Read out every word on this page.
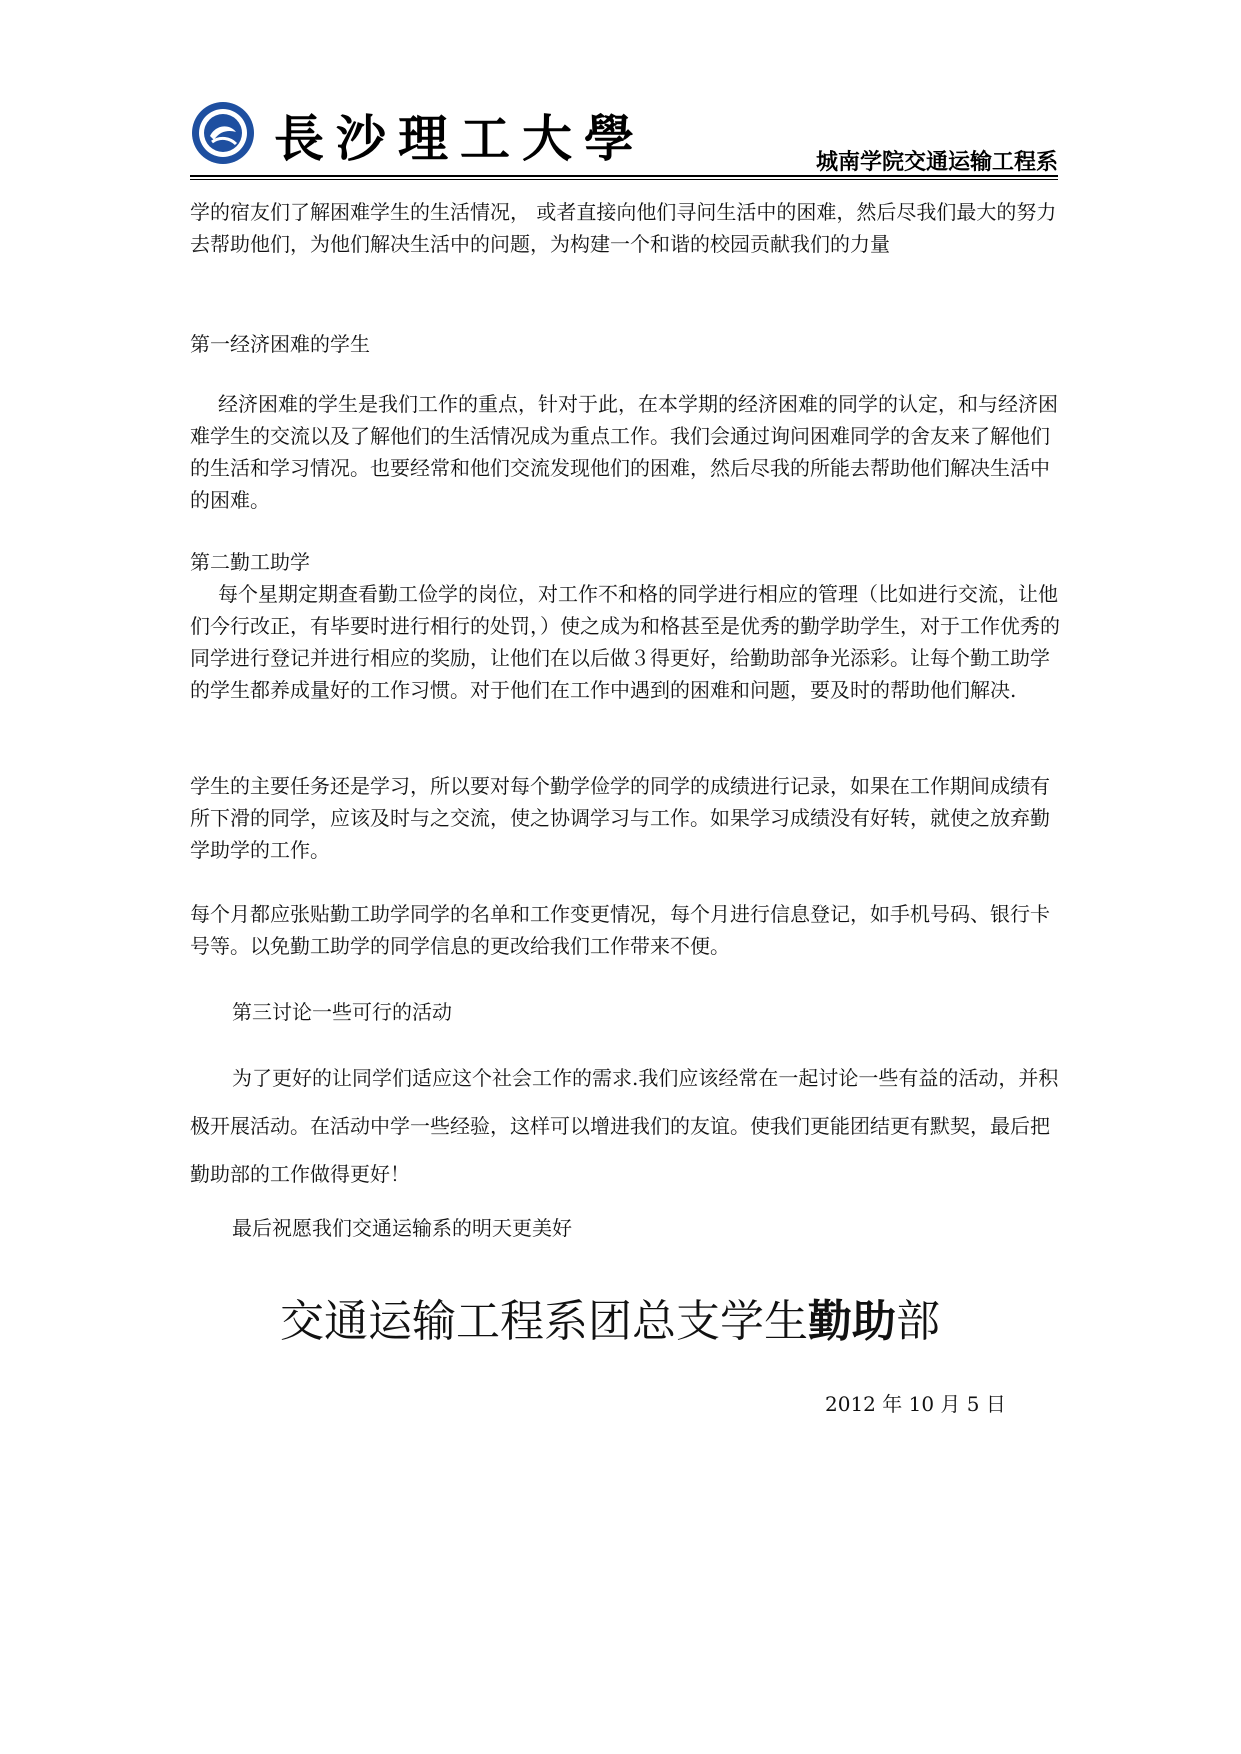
長沙理工大學	城南学院交通运输工程系

学的宿友们了解困难学生的生活情况， 或者直接向他们寻问生活中的困难，然后尽我们最大的努力去帮助他们，为他们解决生活中的问题，为构建一个和谐的校园贡献我们的力量

第一经济困难的学生

经济困难的学生是我们工作的重点，针对于此，在本学期的经济困难的同学的认定，和与经济困难学生的交流以及了解他们的生活情况成为重点工作。我们会通过询问困难同学的舍友来了解他们的生活和学习情况。也要经常和他们交流发现他们的困难，然后尽我的所能去帮助他们解决生活中的困难。

第二勤工助学

每个星期定期查看勤工俭学的岗位，对工作不和格的同学进行相应的管理（比如进行交流，让他们今行改正，有毕要时进行相行的处罚，）使之成为和格甚至是优秀的勤学助学生，对于工作优秀的同学进行登记并进行相应的奖励，让他们在以后做３得更好，给勤助部争光添彩。让每个勤工助学的学生都养成量好的工作习惯。对于他们在工作中遇到的困难和问题，要及时的帮助他们解决.

学生的主要任务还是学习，所以要对每个勤学俭学的同学的成绩进行记录，如果在工作期间成绩有所下滑的同学，应该及时与之交流，使之协调学习与工作。如果学习成绩没有好转，就使之放弃勤学助学的工作。

每个月都应张贴勤工助学同学的名单和工作变更情况，每个月进行信息登记，如手机号码、银行卡号等。以免勤工助学的同学信息的更改给我们工作带来不便。

第三讨论一些可行的活动

为了更好的让同学们适应这个社会工作的需求.我们应该经常在一起讨论一些有益的活动，并积极开展活动。在活动中学一些经验，这样可以增进我们的友谊。使我们更能团结更有默契，最后把勤助部的工作做得更好！

最后祝愿我们交通运输系的明天更美好

交通运输工程系团总支学生勤助部
2012 年 10 月 5 日
